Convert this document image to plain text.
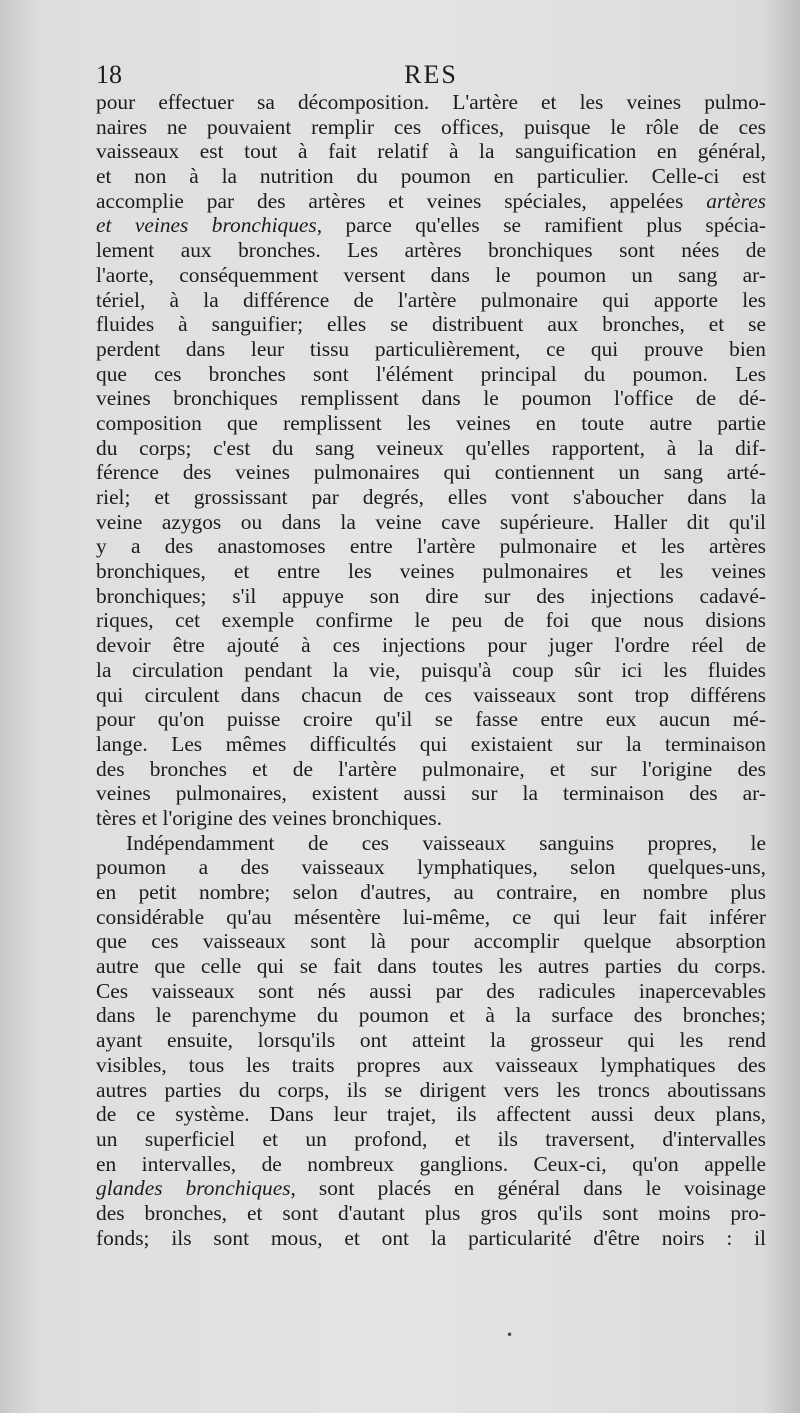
18	RES
pour effectuer sa décomposition. L'artère et les veines pulmo-
naires ne pouvaient remplir ces offices, puisque le rôle de ces
vaisseaux est tout à fait relatif à la sanguification en général,
et non à la nutrition du poumon en particulier. Celle-ci est
accomplie par des artères et veines spéciales, appelées artères
et veines bronchiques, parce qu'elles se ramifient plus spécia-
lement aux bronches. Les artères bronchiques sont nées de
l'aorte, conséquemment versent dans le poumon un sang ar-
tériel, à la différence de l'artère pulmonaire qui apporte les
fluides à sanguifier; elles se distribuent aux bronches, et se
perdent dans leur tissu particulièrement, ce qui prouve bien
que ces bronches sont l'élément principal du poumon. Les
veines bronchiques remplissent dans le poumon l'office de dé-
composition que remplissent les veines en toute autre partie
du corps; c'est du sang veineux qu'elles rapportent, à la dif-
férence des veines pulmonaires qui contiennent un sang arté-
riel; et grossissant par degrés, elles vont s'aboucher dans la
veine azygos ou dans la veine cave supérieure. Haller dit qu'il
y a des anastomoses entre l'artère pulmonaire et les artères
bronchiques, et entre les veines pulmonaires et les veines
bronchiques; s'il appuye son dire sur des injections cadavé-
riques, cet exemple confirme le peu de foi que nous disions
devoir être ajouté à ces injections pour juger l'ordre réel de
la circulation pendant la vie, puisqu'à coup sûr ici les fluides
qui circulent dans chacun de ces vaisseaux sont trop différens
pour qu'on puisse croire qu'il se fasse entre eux aucun mé-
lange. Les mêmes difficultés qui existaient sur la terminaison
des bronches et de l'artère pulmonaire, et sur l'origine des
veines pulmonaires, existent aussi sur la terminaison des ar-
tères et l'origine des veines bronchiques.
Indépendamment de ces vaisseaux sanguins propres, le
poumon a des vaisseaux lymphatiques, selon quelques-uns,
en petit nombre; selon d'autres, au contraire, en nombre plus
considérable qu'au mésentère lui-même, ce qui leur fait inférer
que ces vaisseaux sont là pour accomplir quelque absorption
autre que celle qui se fait dans toutes les autres parties du corps.
Ces vaisseaux sont nés aussi par des radicules inapercevables
dans le parenchyme du poumon et à la surface des bronches;
ayant ensuite, lorsqu'ils ont atteint la grosseur qui les rend
visibles, tous les traits propres aux vaisseaux lymphatiques des
autres parties du corps, ils se dirigent vers les troncs aboutissans
de ce système. Dans leur trajet, ils affectent aussi deux plans,
un superficiel et un profond, et ils traversent, d'intervalles
en intervalles, de nombreux ganglions. Ceux-ci, qu'on appelle
glandes bronchiques, sont placés en général dans le voisinage
des bronches, et sont d'autant plus gros qu'ils sont moins pro-
fonds; ils sont mous, et ont la particularité d'être noirs : il
•
